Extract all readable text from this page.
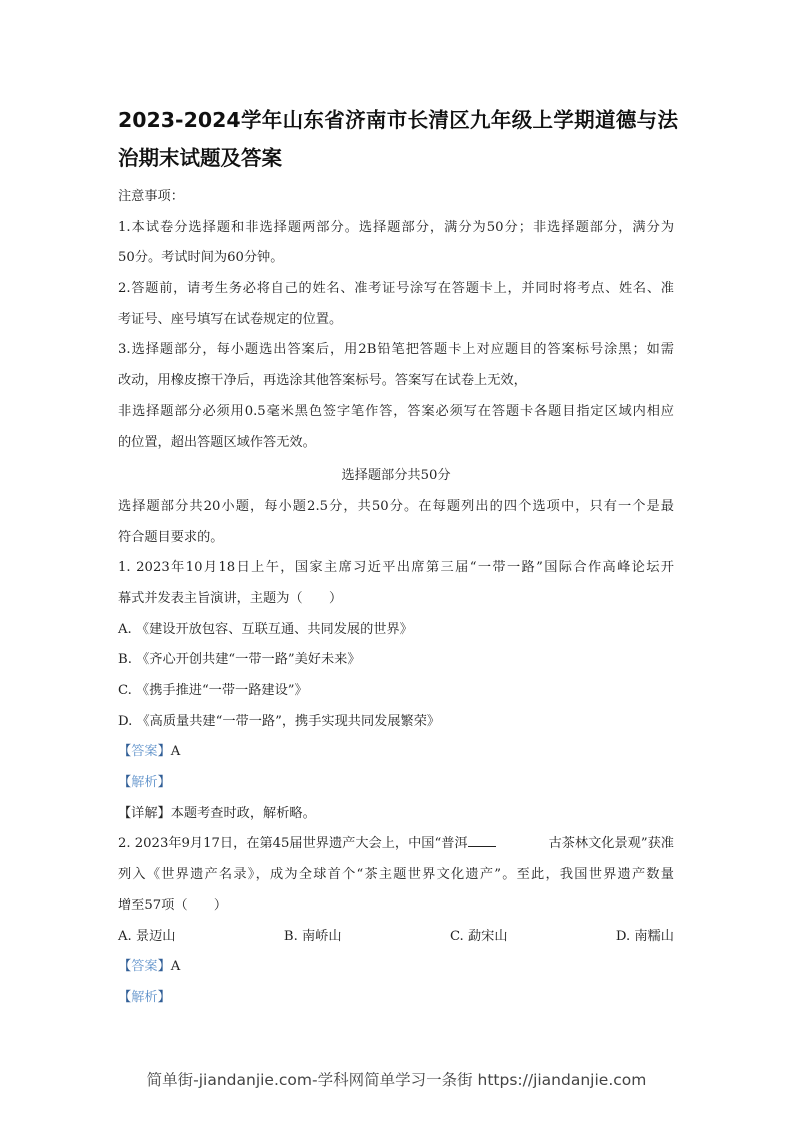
2023-2024学年山东省济南市长清区九年级上学期道德与法治期末试题及答案
注意事项：
1.本试卷分选择题和非选择题两部分。选择题部分，满分为50分；非选择题部分，满分为
50分。考试时间为60分钟。
2.答题前，请考生务必将自己的姓名、准考证号涂写在答题卡上，并同时将考点、姓名、准
考证号、座号填写在试卷规定的位置。
3.选择题部分，每小题选出答案后，用2B铅笔把答题卡上对应题目的答案标号涂黑；如需
改动，用橡皮擦干净后，再选涂其他答案标号。答案写在试卷上无效，
非选择题部分必须用0.5毫米黑色签字笔作答，答案必须写在答题卡各题目指定区域内相应
的位置，超出答题区域作答无效。
选择题部分共50分
选择题部分共20小题，每小题2.5分，共50分。在每题列出的四个选项中，只有一个是最
符合题目要求的。
1. 2023年10月18日上午，国家主席习近平出席第三届“一带一路”国际合作高峰论坛开
幕式并发表主旨演讲，主题为（　　）
A. 《建设开放包容、互联互通、共同发展的世界》
B. 《齐心开创共建“一带一路”美好未来》
C. 《携手推进“一带一路建设”》
D. 《高质量共建“一带一路”，携手实现共同发展繁荣》
【答案】A
【解析】
【详解】本题考查时政，解析略。
2. 2023年9月17日，在第45届世界遗产大会上，中国“普洱	古茶林文化景观”获准
列入《世界遗产名录》，成为全球首个“茶主题世界文化遗产”。至此，我国世界遗产数量
增至57项（　　）
A. 景迈山	B. 南峤山	C. 勐宋山	D. 南糯山
【答案】A
【解析】
简单街-jiandanjie.com-学科网简单学习一条街 https://jiandanjie.com
